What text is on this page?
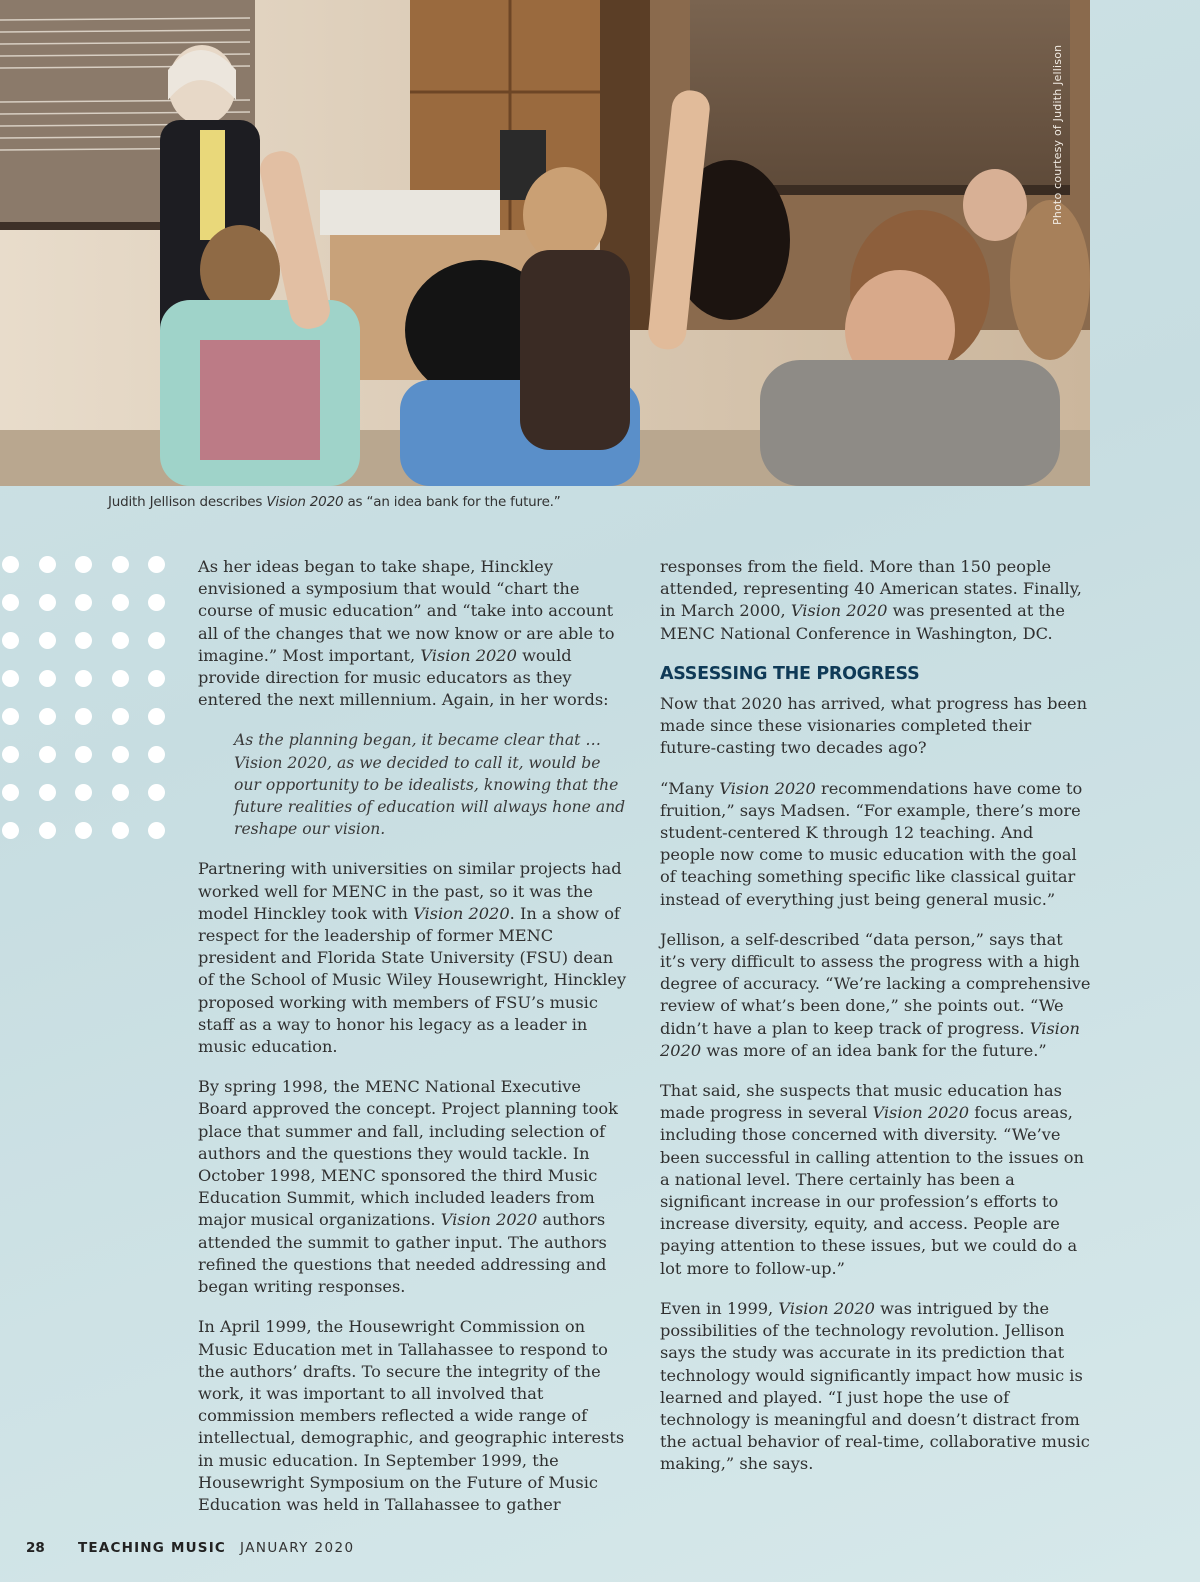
Photo courtesy of Judith Jellison
Judith Jellison describes Vision 2020 as “an idea bank for the future.”

As her ideas began to take shape, Hinckley envisioned a symposium that would “chart the course of music education” and “take into account all of the changes that we now know or are able to imagine.” Most important, Vision 2020 would provide direction for music educators as they entered the next millennium. Again, in her words:

As the planning began, it became clear that … Vision 2020, as we decided to call it, would be our opportunity to be idealists, knowing that the future realities of education will always hone and reshape our vision.

Partnering with universities on similar projects had worked well for MENC in the past, so it was the model Hinckley took with Vision 2020. In a show of respect for the leadership of former MENC president and Florida State University (FSU) dean of the School of Music Wiley Housewright, Hinckley proposed working with members of FSU’s music staff as a way to honor his legacy as a leader in music education.

By spring 1998, the MENC National Executive Board approved the concept. Project planning took place that summer and fall, including selection of authors and the questions they would tackle. In October 1998, MENC sponsored the third Music Education Summit, which included leaders from major musical organizations. Vision 2020 authors attended the summit to gather input. The authors refined the questions that needed addressing and began writing responses.

In April 1999, the Housewright Commission on Music Education met in Tallahassee to respond to the authors’ drafts. To secure the integrity of the work, it was important to all involved that commission members reflected a wide range of intellectual, demographic, and geographic interests in music education. In September 1999, the Housewright Symposium on the Future of Music Education was held in Tallahassee to gather

responses from the field. More than 150 people attended, representing 40 American states. Finally, in March 2000, Vision 2020 was presented at the MENC National Conference in Washington, DC.

ASSESSING THE PROGRESS

Now that 2020 has arrived, what progress has been made since these visionaries completed their future-casting two decades ago?

“Many Vision 2020 recommendations have come to fruition,” says Madsen. “For example, there’s more student-centered K through 12 teaching. And people now come to music education with the goal of teaching something specific like classical guitar instead of everything just being general music.”

Jellison, a self-described “data person,” says that it’s very difficult to assess the progress with a high degree of accuracy. “We’re lacking a comprehensive review of what’s been done,” she points out. “We didn’t have a plan to keep track of progress. Vision 2020 was more of an idea bank for the future.”

That said, she suspects that music education has made progress in several Vision 2020 focus areas, including those concerned with diversity. “We’ve been successful in calling attention to the issues on a national level. There certainly has been a significant increase in our profession’s efforts to increase diversity, equity, and access. People are paying attention to these issues, but we could do a lot more to follow-up.”

Even in 1999, Vision 2020 was intrigued by the possibilities of the technology revolution. Jellison says the study was accurate in its prediction that technology would significantly impact how music is learned and played. “I just hope the use of technology is meaningful and doesn’t distract from the actual behavior of real-time, collaborative music making,” she says.

28	TEACHING MUSIC JANUARY 2020
